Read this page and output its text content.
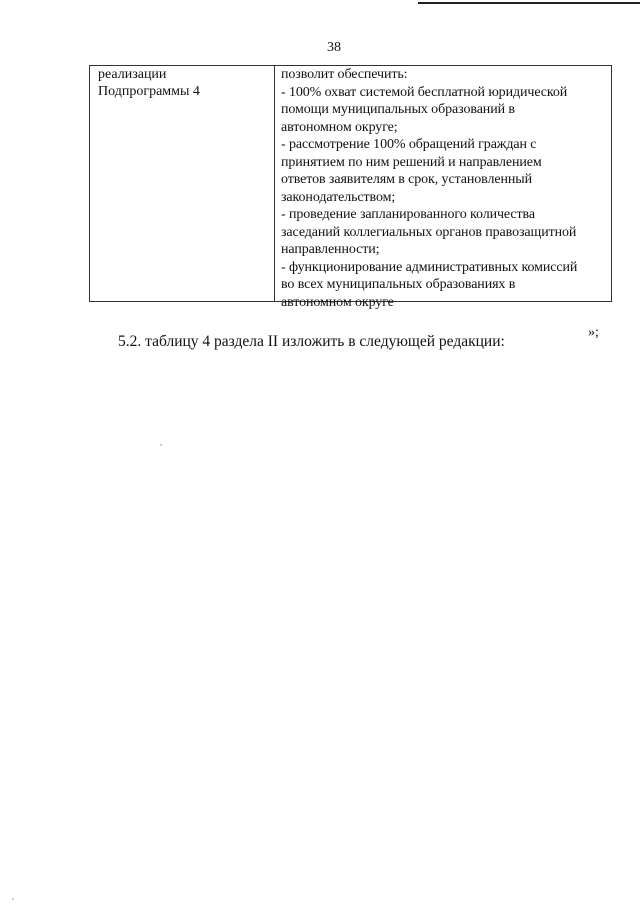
38
реализации
Подпрограммы 4
позволит обеспечить:
- 100% охват системой бесплатной юридической
помощи муниципальных образований в
автономном округе;
- рассмотрение 100% обращений граждан с
принятием по ним решений и направлением
ответов заявителям в срок, установленный
законодательством;
- проведение запланированного количества
заседаний коллегиальных органов правозащитной
направленности;
- функционирование административных комиссий
во всех муниципальных образованиях в
автономном округе
»;
5.2. таблицу 4 раздела II изложить в следующей редакции:
